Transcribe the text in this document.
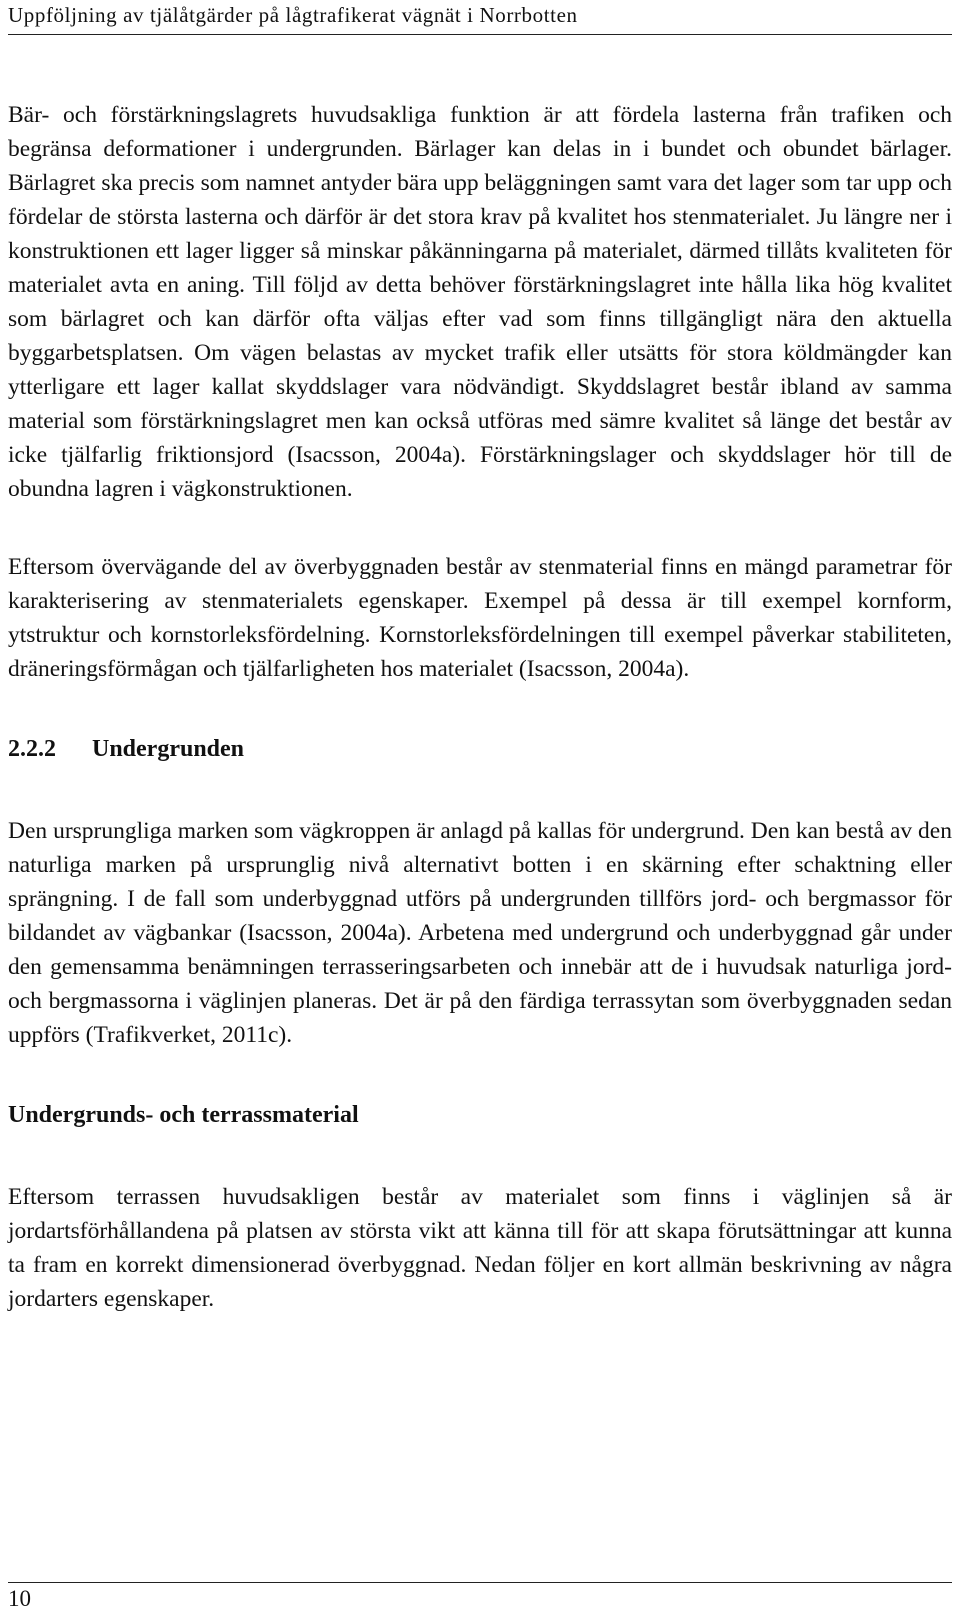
Uppföljning av tjälåtgärder på lågtrafikerat vägnät i Norrbotten

Bär- och förstärkningslagrets huvudsakliga funktion är att fördela lasterna från trafiken och begränsa deformationer i undergrunden. Bärlager kan delas in i bundet och obundet bärlager. Bärlagret ska precis som namnet antyder bära upp beläggningen samt vara det lager som tar upp och fördelar de största lasterna och därför är det stora krav på kvalitet hos stenmaterialet. Ju längre ner i konstruktionen ett lager ligger så minskar påkänningarna på materialet, därmed tillåts kvaliteten för materialet avta en aning. Till följd av detta behöver förstärkningslagret inte hålla lika hög kvalitet som bärlagret och kan därför ofta väljas efter vad som finns tillgängligt nära den aktuella byggarbetsplatsen. Om vägen belastas av mycket trafik eller utsätts för stora köldmängder kan ytterligare ett lager kallat skyddslager vara nödvändigt. Skyddslagret består ibland av samma material som förstärkningslagret men kan också utföras med sämre kvalitet så länge det består av icke tjälfarlig friktionsjord (Isacsson, 2004a). Förstärkningslager och skyddslager hör till de obundna lagren i vägkonstruktionen.

Eftersom övervägande del av överbyggnaden består av stenmaterial finns en mängd parametrar för karakterisering av stenmaterialets egenskaper. Exempel på dessa är till exempel kornform, ytstruktur och kornstorleksfördelning. Kornstorleksfördelningen till exempel påverkar stabiliteten, dräneringsförmågan och tjälfarligheten hos materialet (Isacsson, 2004a).

2.2.2 Undergrunden

Den ursprungliga marken som vägkroppen är anlagd på kallas för undergrund. Den kan bestå av den naturliga marken på ursprunglig nivå alternativt botten i en skärning efter schaktning eller sprängning. I de fall som underbyggnad utförs på undergrunden tillförs jord- och bergmassor för bildandet av vägbankar (Isacsson, 2004a). Arbetena med undergrund och underbyggnad går under den gemensamma benämningen terrasseringsarbeten och innebär att de i huvudsak naturliga jord- och bergmassorna i väglinjen planeras. Det är på den färdiga terrassytan som överbyggnaden sedan uppförs (Trafikverket, 2011c).

Undergrunds- och terrassmaterial

Eftersom terrassen huvudsakligen består av materialet som finns i väglinjen så är jordartsförhållandena på platsen av största vikt att känna till för att skapa förutsättningar att kunna ta fram en korrekt dimensionerad överbyggnad. Nedan följer en kort allmän beskrivning av några jordarters egenskaper.

10
